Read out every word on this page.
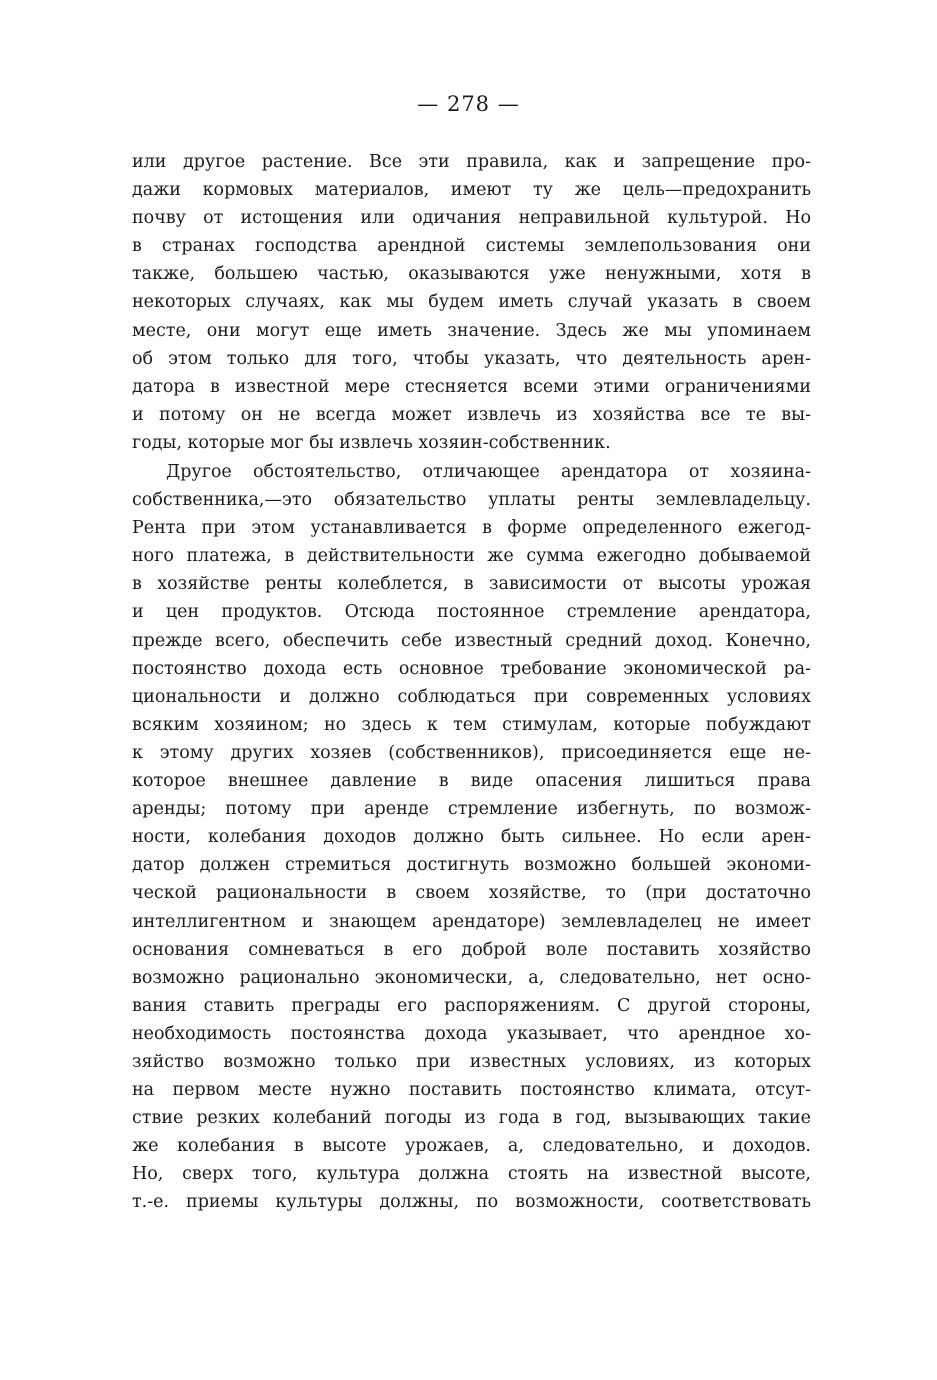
— 278 —
или другое растение. Все эти правила, как и запрещение про-
дажи кормовых материалов, имеют ту же цель—предохранить
почву от истощения или одичания неправильной культурой. Но
в странах господства арендной системы землепользования они
также, большею частью, оказываются уже ненужными, хотя в
некоторых случаях, как мы будем иметь случай указать в своем
месте, они могут еще иметь значение. Здесь же мы упоминаем
об этом только для того, чтобы указать, что деятельность арен-
датора в известной мере стесняется всеми этими ограничениями
и потому он не всегда может извлечь из хозяйства все те вы-
годы, которые мог бы извлечь хозяин-собственник.
Другое обстоятельство, отличающее арендатора от хозяина-
собственника,—это обязательство уплаты ренты землевладельцу.
Рента при этом устанавливается в форме определенного ежегод-
ного платежа, в действительности же сумма ежегодно добываемой
в хозяйстве ренты колеблется, в зависимости от высоты урожая
и цен продуктов. Отсюда постоянное стремление арендатора,
прежде всего, обеспечить себе известный средний доход. Конечно,
постоянство дохода есть основное требование экономической ра-
циональности и должно соблюдаться при современных условиях
всяким хозяином; но здесь к тем стимулам, которые побуждают
к этому других хозяев (собственников), присоединяется еще не-
которое внешнее давление в виде опасения лишиться права
аренды; потому при аренде стремление избегнуть, по возмож-
ности, колебания доходов должно быть сильнее. Но если арен-
датор должен стремиться достигнуть возможно большей экономи-
ческой рациональности в своем хозяйстве, то (при достаточно
интеллигентном и знающем арендаторе) землевладелец не имеет
основания сомневаться в его доброй воле поставить хозяйство
возможно рационально экономически, а, следовательно, нет осно-
вания ставить преграды его распоряжениям. С другой стороны,
необходимость постоянства дохода указывает, что арендное хо-
зяйство возможно только при известных условиях, из которых
на первом месте нужно поставить постоянство климата, отсут-
ствие резких колебаний погоды из года в год, вызывающих такие
же колебания в высоте урожаев, а, следовательно, и доходов.
Но, сверх того, культура должна стоять на известной высоте,
т.-е. приемы культуры должны, по возможности, соответствовать
